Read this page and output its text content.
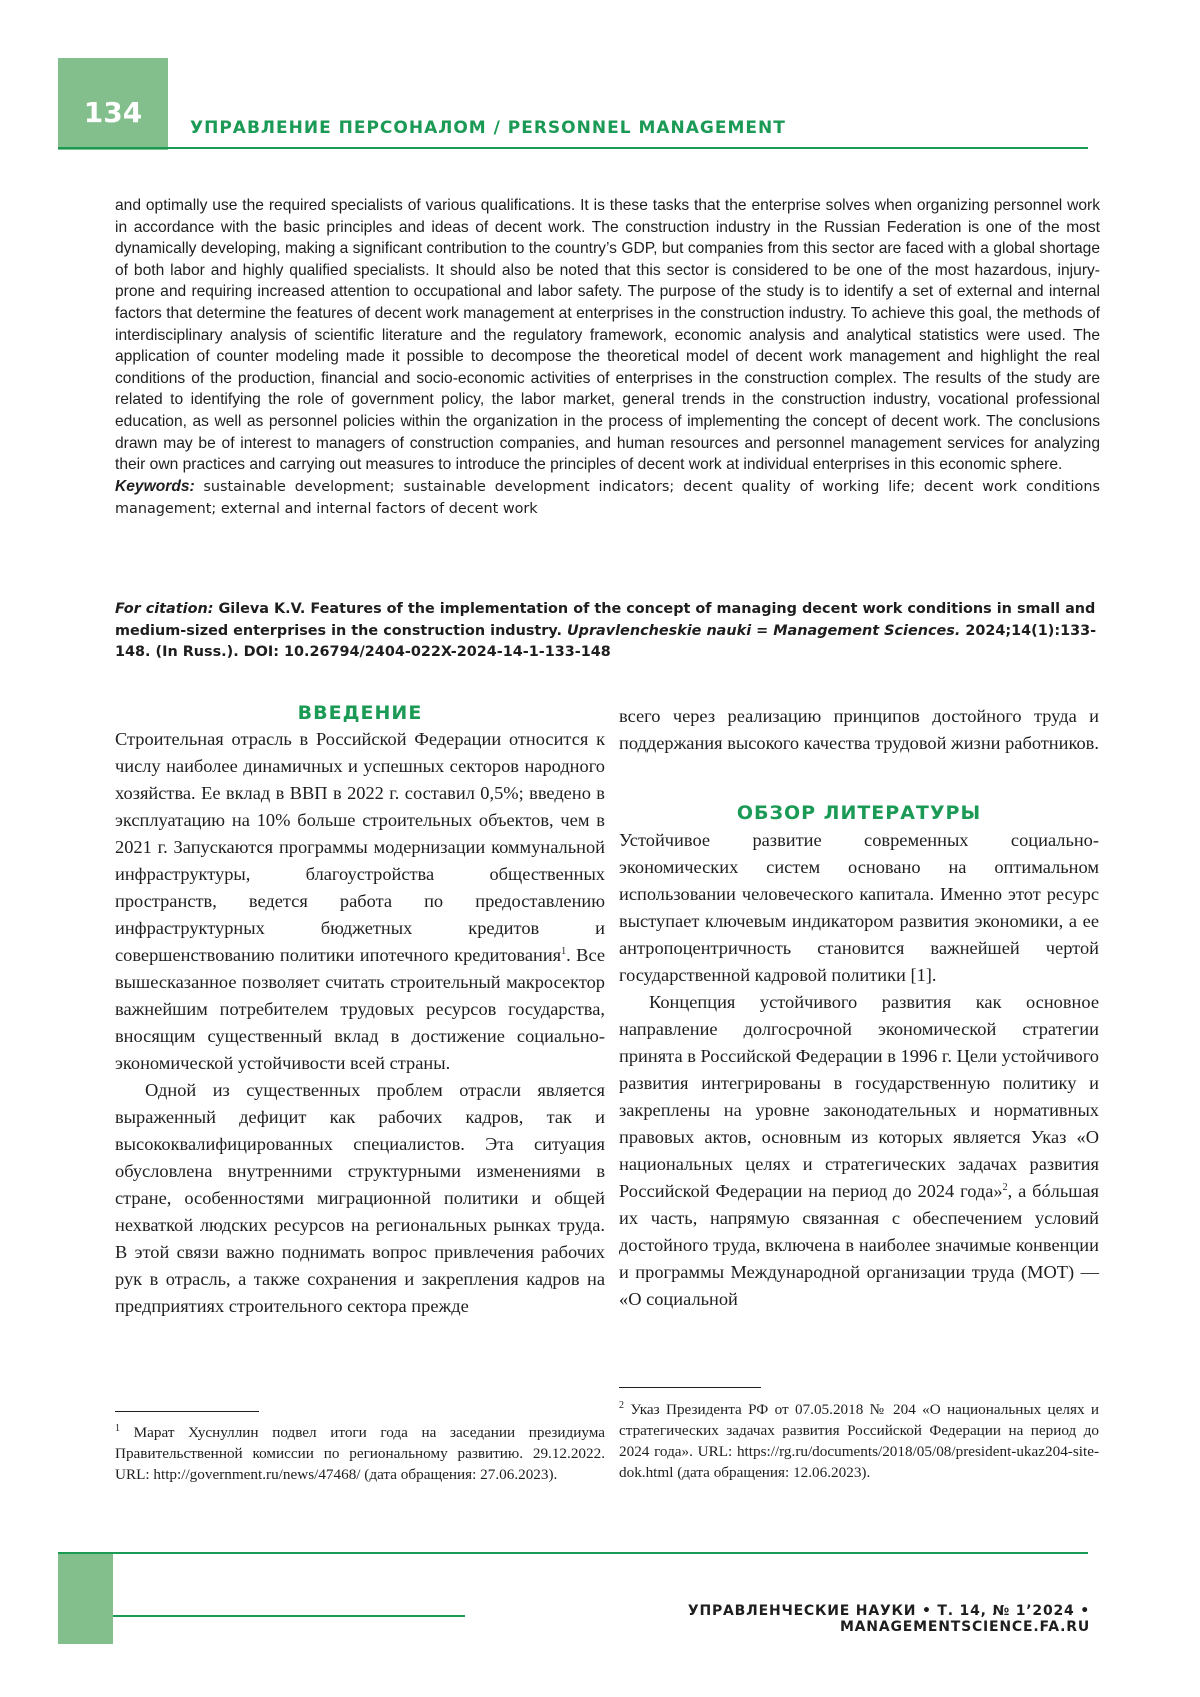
134	УПРАВЛЕНИЕ ПЕРСОНАЛОМ / PERSONNEL MANAGEMENT

and optimally use the required specialists of various qualifications. It is these tasks that the enterprise solves when organizing personnel work in accordance with the basic principles and ideas of decent work. The construction industry in the Russian Federation is one of the most dynamically developing, making a significant contribution to the country’s GDP, but companies from this sector are faced with a global shortage of both labor and highly qualified specialists. It should also be noted that this sector is considered to be one of the most hazardous, injury-prone and requiring increased attention to occupational and labor safety. The purpose of the study is to identify a set of external and internal factors that determine the features of decent work management at enterprises in the construction industry. To achieve this goal, the methods of interdisciplinary analysis of scientific literature and the regulatory framework, economic analysis and analytical statistics were used. The application of counter modeling made it possible to decompose the theoretical model of decent work management and highlight the real conditions of the production, financial and socio-economic activities of enterprises in the construction complex. The results of the study are related to identifying the role of government policy, the labor market, general trends in the construction industry, vocational professional education, as well as personnel policies within the organization in the process of implementing the concept of decent work. The conclusions drawn may be of interest to managers of construction companies, and human resources and personnel management services for analyzing their own practices and carrying out measures to introduce the principles of decent work at individual enterprises in this economic sphere.

Keywords: sustainable development; sustainable development indicators; decent quality of working life; decent work conditions management; external and internal factors of decent work

For citation: Gileva K.V. Features of the implementation of the concept of managing decent work conditions in small and medium-sized enterprises in the construction industry. Upravlencheskie nauki = Management Sciences. 2024;14(1):133-148. (In Russ.). DOI: 10.26794/2404-022X-2024-14-1-133-148

ВВЕДЕНИЕ

Строительная отрасль в Российской Федерации относится к числу наиболее динамичных и успешных секторов народного хозяйства. Ее вклад в ВВП в 2022 г. составил 0,5%; введено в эксплуатацию на 10% больше строительных объектов, чем в 2021 г. Запускаются программы модернизации коммунальной инфраструктуры, благоустройства общественных пространств, ведется работа по предоставлению инфраструктурных бюджетных кредитов и совершенствованию политики ипотечного кредитования$^1$. Все вышесказанное позволяет считать строительный макросектор важнейшим потребителем трудовых ресурсов государства, вносящим существенный вклад в достижение социально-экономической устойчивости всей страны.

Одной из существенных проблем отрасли является выраженный дефицит как рабочих кадров, так и высококвалифицированных специалистов. Эта ситуация обусловлена внутренними структурными изменениями в стране, особенностями миграционной политики и общей нехваткой людских ресурсов на региональных рынках труда. В этой связи важно поднимать вопрос привлечения рабочих рук в отрасль, а также сохранения и закрепления кадров на предприятиях строительного сектора прежде

всего через реализацию принципов достойного труда и поддержания высокого качества трудовой жизни работников.

ОБЗОР ЛИТЕРАТУРЫ

Устойчивое развитие современных социально-экономических систем основано на оптимальном использовании человеческого капитала. Именно этот ресурс выступает ключевым индикатором развития экономики, а ее антропоцентричность становится важнейшей чертой государственной кадровой политики [1].

Концепция устойчивого развития как основное направление долгосрочной экономической стратегии принята в Российской Федерации в 1996 г. Цели устойчивого развития интегрированы в государственную политику и закреплены на уровне законодательных и нормативных правовых актов, основным из которых является Указ «О национальных целях и стратегических задачах развития Российской Федерации на период до 2024 года»$^2$, а бóльшая их часть, напрямую связанная с обеспечением условий достойного труда, включена в наиболее значимые конвенции и программы Международной организации труда (МОТ) — «О социальной

$^1$ Марат Хуснуллин подвел итоги года на заседании президиума Правительственной комиссии по региональному развитию. 29.12.2022. URL: http://government.ru/news/47468/ (дата обращения: 27.06.2023).

$^2$ Указ Президента РФ от 07.05.2018 № 204 «О национальных целях и стратегических задачах развития Российской Федерации на период до 2024 года». URL: https://rg.ru/documents/2018/05/08/president-ukaz204-site-dok.html (дата обращения: 12.06.2023).

УПРАВЛЕНЧЕСКИЕ НАУКИ • Т. 14, № 1’2024 • MANAGEMENTSCIENCE.FA.RU
